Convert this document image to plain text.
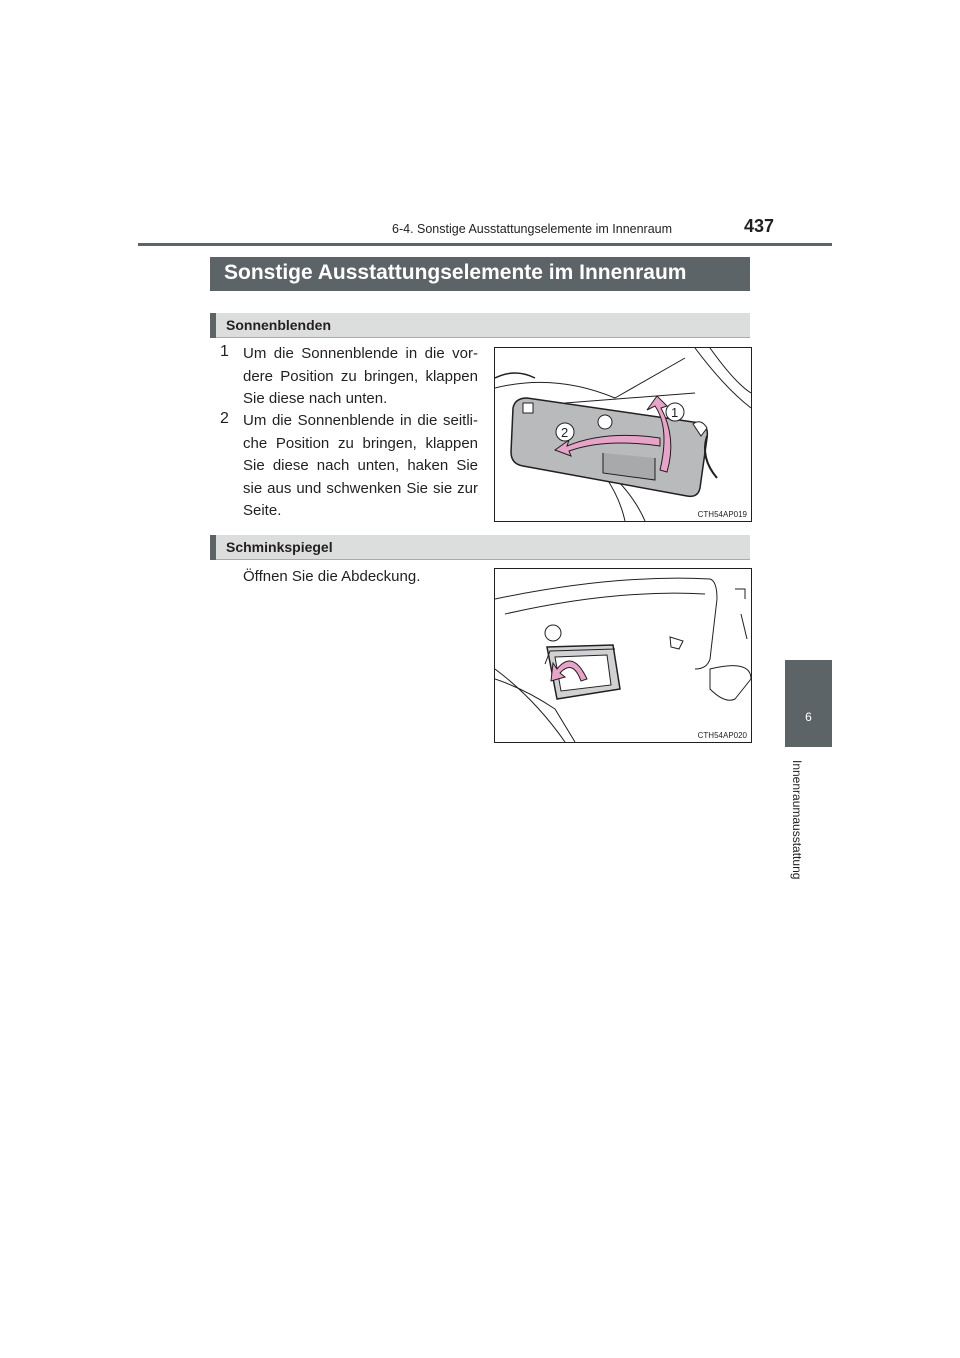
6-4. Sonstige Ausstattungselemente im Innenraum	437
6
Innenraumausstattung
Sonstige Ausstattungselemente im Innenraum
Sonnenblenden
1 Um die Sonnenblende in die vor-dere Position zu bringen, klappen Sie diese nach unten.
2 Um die Sonnenblende in die seitli-che Position zu bringen, klappen Sie diese nach unten, haken Sie sie aus und schwenken Sie sie zur Seite.
1
2
CTH54AP019
Schminkspiegel
Öffnen Sie die Abdeckung.
CTH54AP020
